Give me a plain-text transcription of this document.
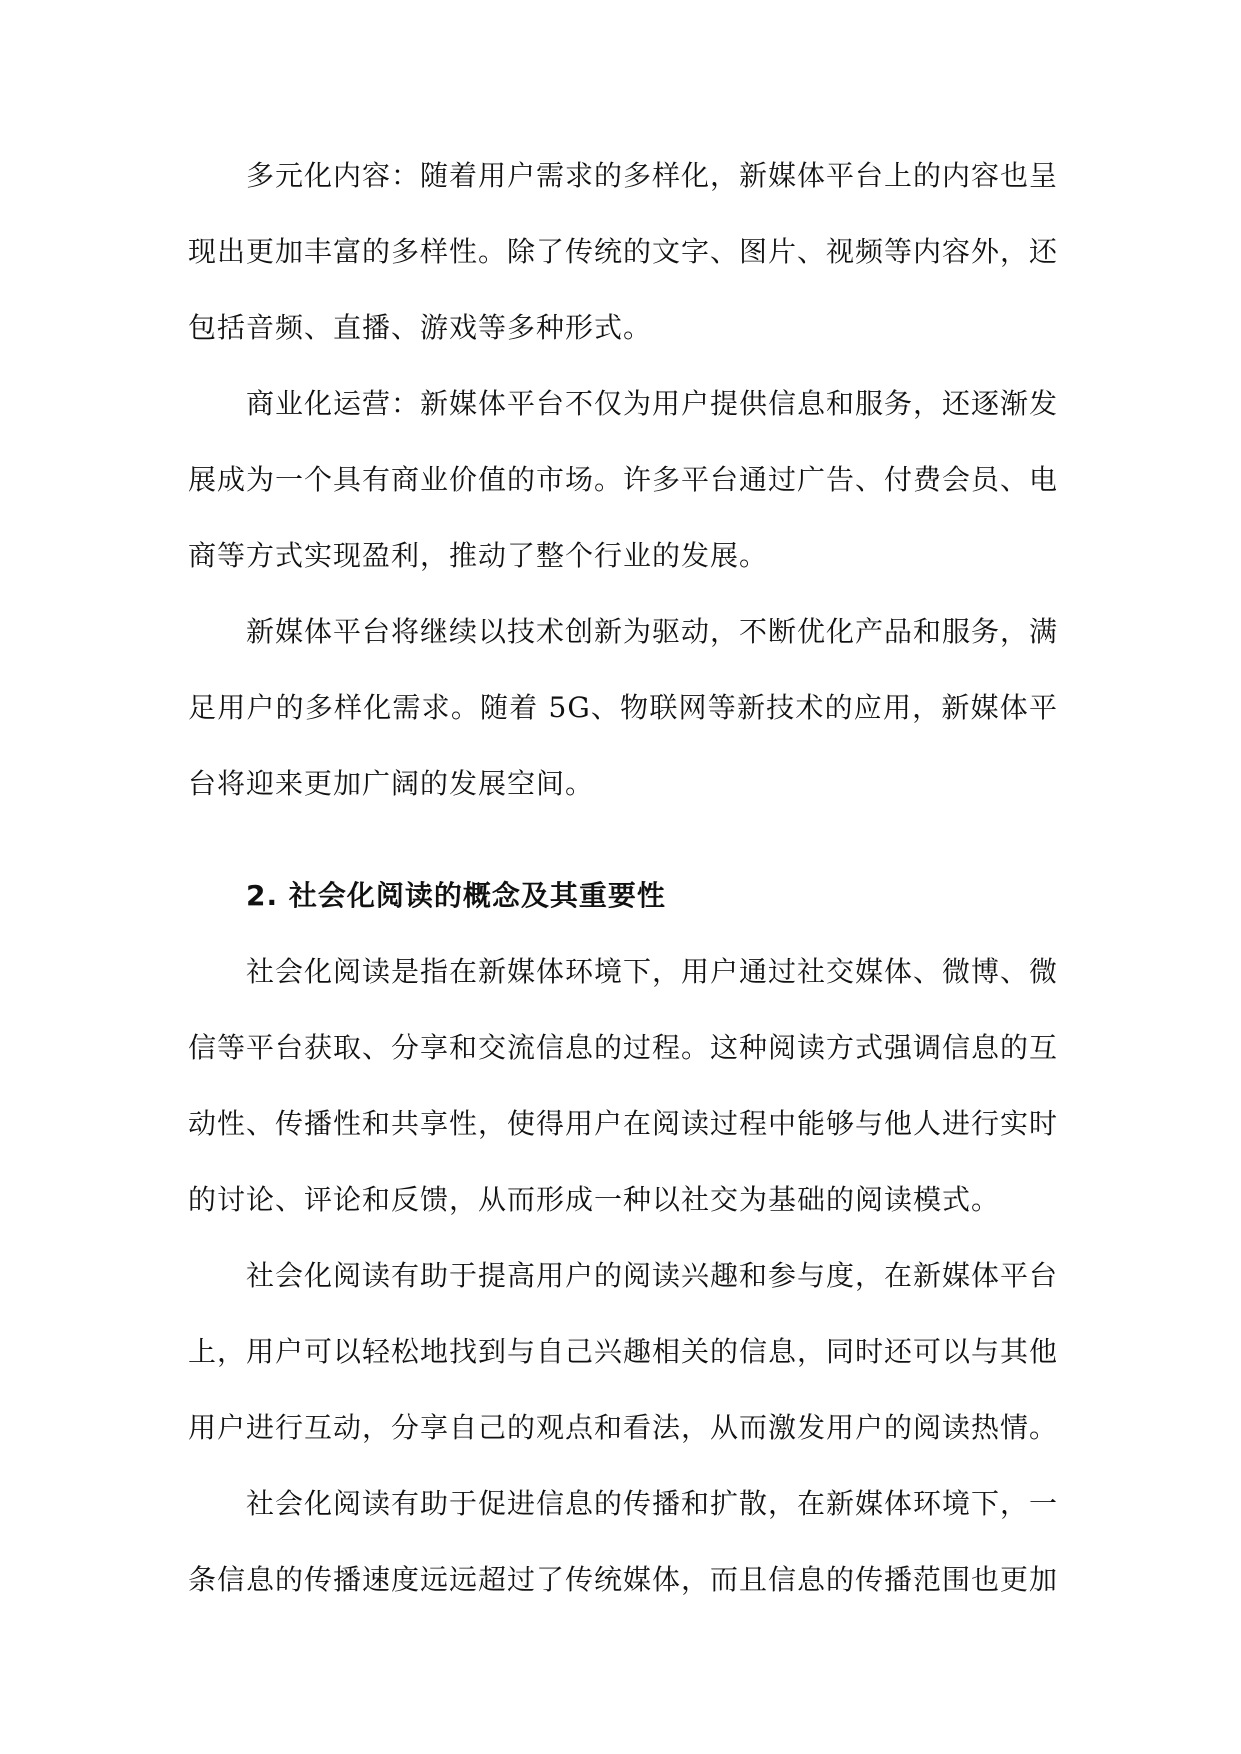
多元化内容：随着用户需求的多样化，新媒体平台上的内容也呈现出更加丰富的多样性。除了传统的文字、图片、视频等内容外，还包括音频、直播、游戏等多种形式。

商业化运营：新媒体平台不仅为用户提供信息和服务，还逐渐发展成为一个具有商业价值的市场。许多平台通过广告、付费会员、电商等方式实现盈利，推动了整个行业的发展。

新媒体平台将继续以技术创新为驱动，不断优化产品和服务，满足用户的多样化需求。随着 5G、物联网等新技术的应用，新媒体平台将迎来更加广阔的发展空间。

2. 社会化阅读的概念及其重要性

社会化阅读是指在新媒体环境下，用户通过社交媒体、微博、微信等平台获取、分享和交流信息的过程。这种阅读方式强调信息的互动性、传播性和共享性，使得用户在阅读过程中能够与他人进行实时的讨论、评论和反馈，从而形成一种以社交为基础的阅读模式。

社会化阅读有助于提高用户的阅读兴趣和参与度，在新媒体平台上，用户可以轻松地找到与自己兴趣相关的信息，同时还可以与其他用户进行互动，分享自己的观点和看法，从而激发用户的阅读热情。

社会化阅读有助于促进信息的传播和扩散，在新媒体环境下，一条信息的传播速度远远超过了传统媒体，而且信息的传播范围也更加
